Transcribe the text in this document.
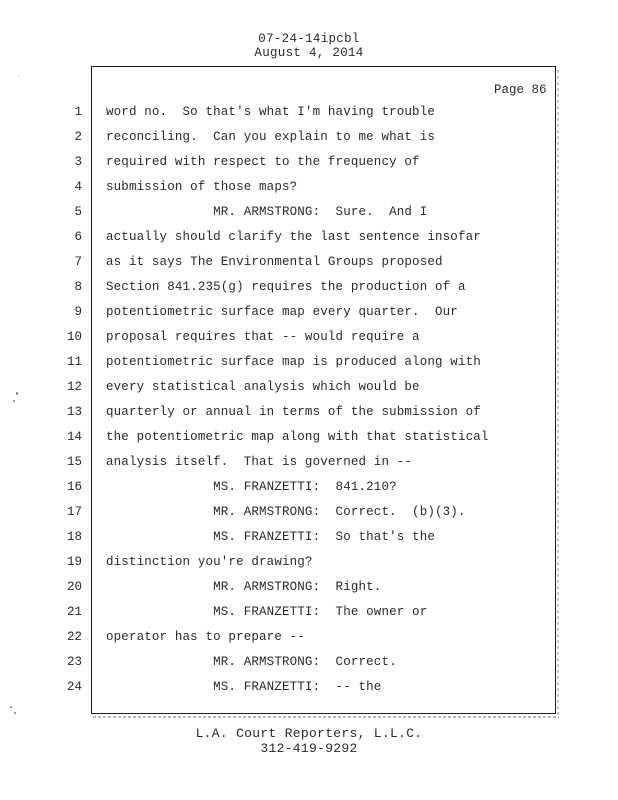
07-24-14ipcbl
August 4, 2014
Page 86
1 word no.  So that's what I'm having trouble
2 reconciling.  Can you explain to me what is
3 required with respect to the frequency of
4 submission of those maps?
5 MR. ARMSTRONG:  Sure.  And I
6 actually should clarify the last sentence insofar
7 as it says The Environmental Groups proposed
8 Section 841.235(g) requires the production of a
9 potentiometric surface map every quarter.  Our
10 proposal requires that -- would require a
11 potentiometric surface map is produced along with
12 every statistical analysis which would be
13 quarterly or annual in terms of the submission of
14 the potentiometric map along with that statistical
15 analysis itself.  That is governed in --
16 MS. FRANZETTI:  841.210?
17 MR. ARMSTRONG:  Correct.  (b)(3).
18 MS. FRANZETTI:  So that's the
19 distinction you're drawing?
20 MR. ARMSTRONG:  Right.
21 MS. FRANZETTI:  The owner or
22 operator has to prepare --
23 MR. ARMSTRONG:  Correct.
24 MS. FRANZETTI:  -- the
L.A. Court Reporters, L.L.C.
312-419-9292
